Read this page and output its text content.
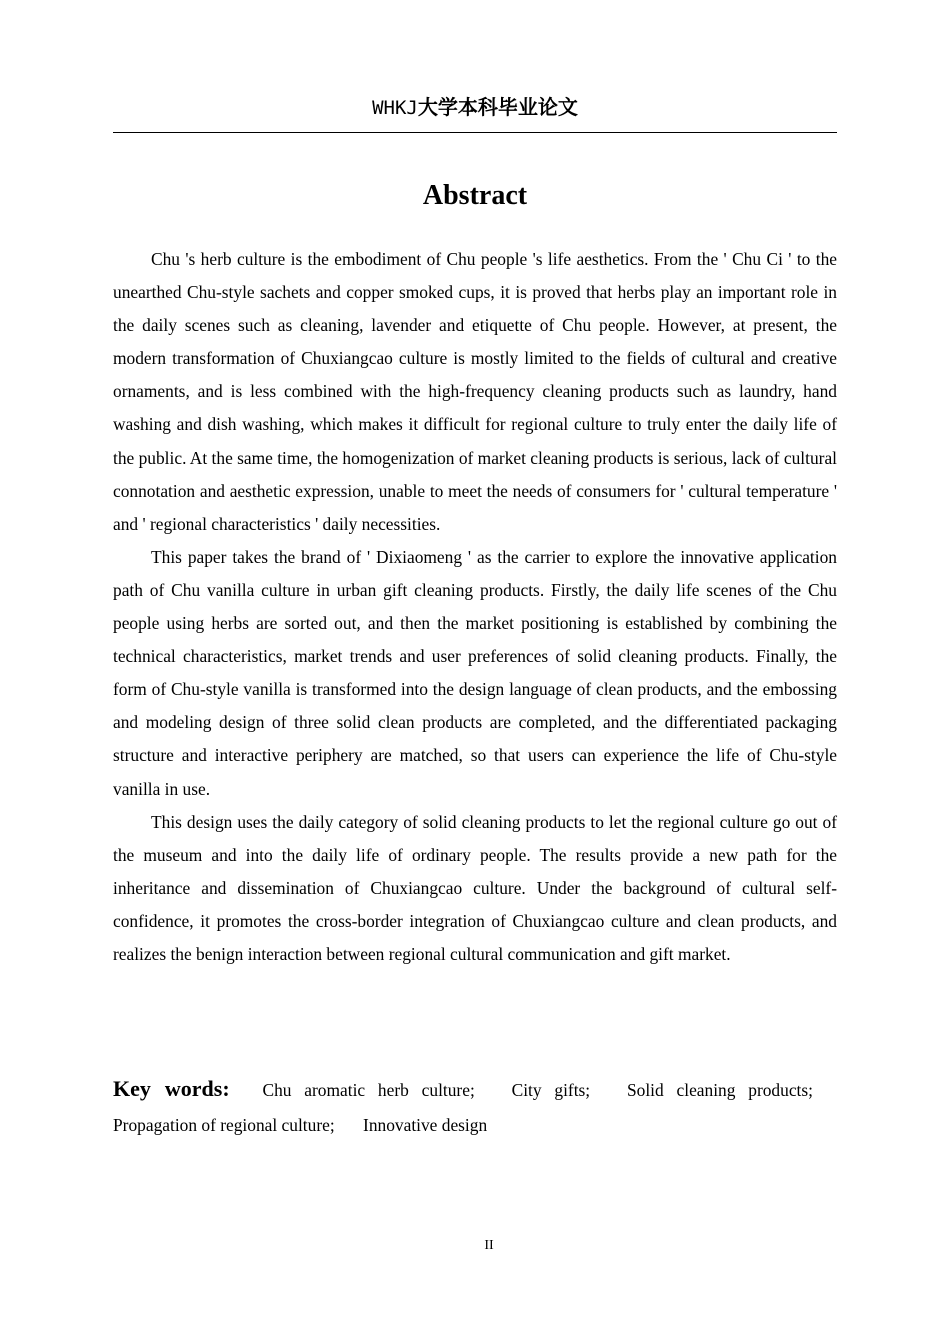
WHKJ大学本科毕业论文
Abstract

Chu 's herb culture is the embodiment of Chu people 's life aesthetics. From the ' Chu Ci ' to the unearthed Chu-style sachets and copper smoked cups, it is proved that herbs play an important role in the daily scenes such as cleaning, lavender and etiquette of Chu people. However, at present, the modern transformation of Chuxiangcao culture is mostly limited to the fields of cultural and creative ornaments, and is less combined with the high-frequency cleaning products such as laundry, hand washing and dish washing, which makes it difficult for regional culture to truly enter the daily life of the public. At the same time, the homogenization of market cleaning products is serious, lack of cultural connotation and aesthetic expression, unable to meet the needs of consumers for ' cultural temperature ' and ' regional characteristics ' daily necessities.

This paper takes the brand of ' Dixiaomeng ' as the carrier to explore the innovative application path of Chu vanilla culture in urban gift cleaning products. Firstly, the daily life scenes of the Chu people using herbs are sorted out, and then the market positioning is established by combining the technical characteristics, market trends and user preferences of solid cleaning products. Finally, the form of Chu-style vanilla is transformed into the design language of clean products, and the embossing and modeling design of three solid clean products are completed, and the differentiated packaging structure and interactive periphery are matched, so that users can experience the life of Chu-style vanilla in use.

This design uses the daily category of solid cleaning products to let the regional culture go out of the museum and into the daily life of ordinary people. The results provide a new path for the inheritance and dissemination of Chuxiangcao culture. Under the background of cultural self-confidence, it promotes the cross-border integration of Chuxiangcao culture and clean products, and realizes the benign interaction between regional cultural communication and gift market.

Key words: Chu aromatic herb culture; City gifts; Solid cleaning products; Propagation of regional culture; Innovative design

II
